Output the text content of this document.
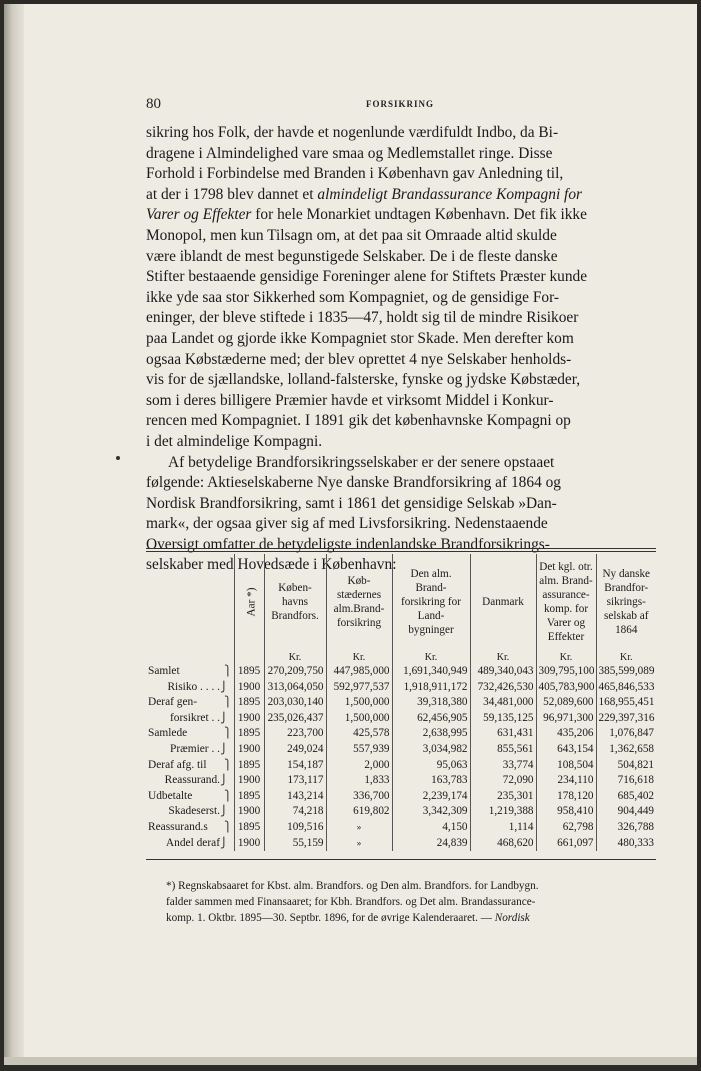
80	FORSIKRING
sikring hos Folk, der havde et nogenlunde værdifuldt Indbo, da Bi-
dragene i Almindelighed vare smaa og Medlemstallet ringe. Disse
Forhold i Forbindelse med Branden i København gav Anledning til,
at der i 1798 blev dannet et almindeligt Brandassurance Kompagni for
Varer og Effekter for hele Monarkiet undtagen København. Det fik ikke
Monopol, men kun Tilsagn om, at det paa sit Omraade altid skulde
være iblandt de mest begunstigede Selskaber. De i de fleste danske
Stifter bestaaende gensidige Foreninger alene for Stiftets Præster kunde
ikke yde saa stor Sikkerhed som Kompagniet, og de gensidige For-
eninger, der bleve stiftede i 1835—47, holdt sig til de mindre Risikoer
paa Landet og gjorde ikke Kompagniet stor Skade. Men derefter kom
ogsaa Købstæderne med; der blev oprettet 4 nye Selskaber henholds-
vis for de sjællandske, lolland-falsterske, fynske og jydske Købstæder,
som i deres billigere Præmier havde et virksomt Middel i Konkur-
rencen med Kompagniet. I 1891 gik det københavnske Kompagni op
i det almindelige Kompagni.
Af betydelige Brandforsikringsselskaber er der senere opstaaet
følgende: Aktieselskaberne Nye danske Brandforsikring af 1864 og
Nordisk Brandforsikring, samt i 1861 det gensidige Selskab »Dan-
mark«, der ogsaa giver sig af med Livsforsikring. Nedenstaaende
Oversigt omfatter de betydeligste indenlandske Brandforsikrings-
selskaber med Hovedsæde i København:
	Aar *)	Køben- havns Brandfors.	Køb- stædernes alm.Brand- forsikring	Den alm. Brand- forsikring for Land- bygninger	Danmark	Det kgl. otr. alm. Brand- assurance- komp. for Varer og Effekter	Ny danske Brandfor- sikrings- selskab af 1864
		Kr.	Kr.	Kr.	Kr.	Kr.	Kr.
Samlet ⎫	1895	270,209,750	447,985,000	1,691,340,949	489,340,043	309,795,100	385,599,089
Risiko . . . . ⎭	1900	313,064,050	592,977,537	1,918,911,172	732,426,530	405,783,900	465,846,533
Deraf gen- ⎫	1895	203,030,140	1,500,000	39,318,380	34,481,000	52,089,600	168,955,451
forsikret . . ⎭	1900	235,026,437	1,500,000	62,456,905	59,135,125	96,971,300	229,397,316
Samlede ⎫	1895	223,700	425,578	2,638,995	631,431	435,206	1,076,847
Præmier . . ⎭	1900	249,024	557,939	3,034,982	855,561	643,154	1,362,658
Deraf afg. til ⎫	1895	154,187	2,000	95,063	33,774	108,504	504,821
Reassurand. ⎭	1900	173,117	1,833	163,783	72,090	234,110	716,618
Udbetalte ⎫	1895	143,214	336,700	2,239,174	235,301	178,120	685,402
Skadeserst. ⎭	1900	74,218	619,802	3,342,309	1,219,388	958,410	904,449
Reassurand.s ⎫	1895	109,516	»	4,150	1,114	62,798	326,788
Andel deraf ⎭	1900	55,159	»	24,839	468,620	661,097	480,333
*) Regnskabsaaret for Kbst. alm. Brandfors. og Den alm. Brandfors. for Landbygn.
falder sammen med Finansaaret; for Kbh. Brandfors. og Det alm. Brandassurance-
komp. 1. Oktbr. 1895—30. Septbr. 1896, for de øvrige Kalenderaaret. — Nordisk
